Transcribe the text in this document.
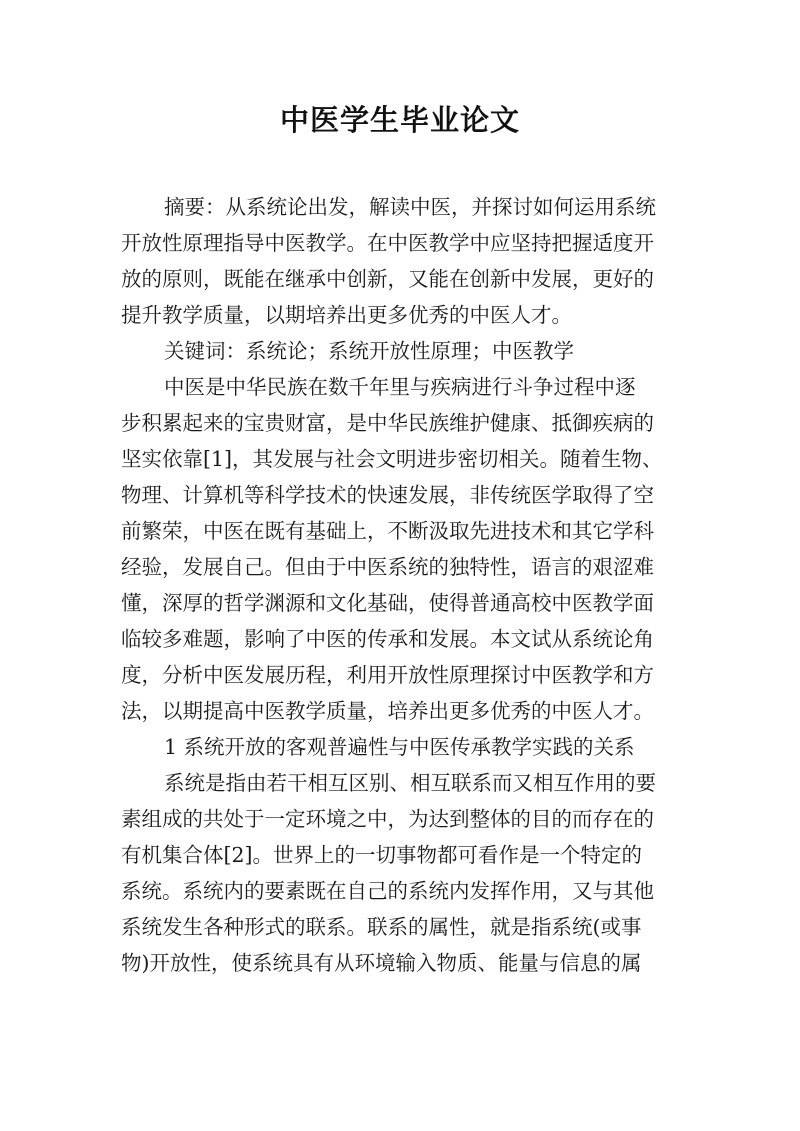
中医学生毕业论文
摘要：从系统论出发，解读中医，并探讨如何运用系统
开放性原理指导中医教学。在中医教学中应坚持把握适度开
放的原则，既能在继承中创新，又能在创新中发展，更好的
提升教学质量，以期培养出更多优秀的中医人才。
关键词：系统论；系统开放性原理；中医教学
中医是中华民族在数千年里与疾病进行斗争过程中逐
步积累起来的宝贵财富，是中华民族维护健康、抵御疾病的
坚实依靠[1]，其发展与社会文明进步密切相关。随着生物、
物理、计算机等科学技术的快速发展，非传统医学取得了空
前繁荣，中医在既有基础上，不断汲取先进技术和其它学科
经验，发展自己。但由于中医系统的独特性，语言的艰涩难
懂，深厚的哲学渊源和文化基础，使得普通高校中医教学面
临较多难题，影响了中医的传承和发展。本文试从系统论角
度，分析中医发展历程，利用开放性原理探讨中医教学和方
法，以期提高中医教学质量，培养出更多优秀的中医人才。
1 系统开放的客观普遍性与中医传承教学实践的关系
系统是指由若干相互区别、相互联系而又相互作用的要
素组成的共处于一定环境之中，为达到整体的目的而存在的
有机集合体[2]。世界上的一切事物都可看作是一个特定的
系统。系统内的要素既在自己的系统内发挥作用，又与其他
系统发生各种形式的联系。联系的属性，就是指系统(或事
物)开放性，使系统具有从环境输入物质、能量与信息的属
